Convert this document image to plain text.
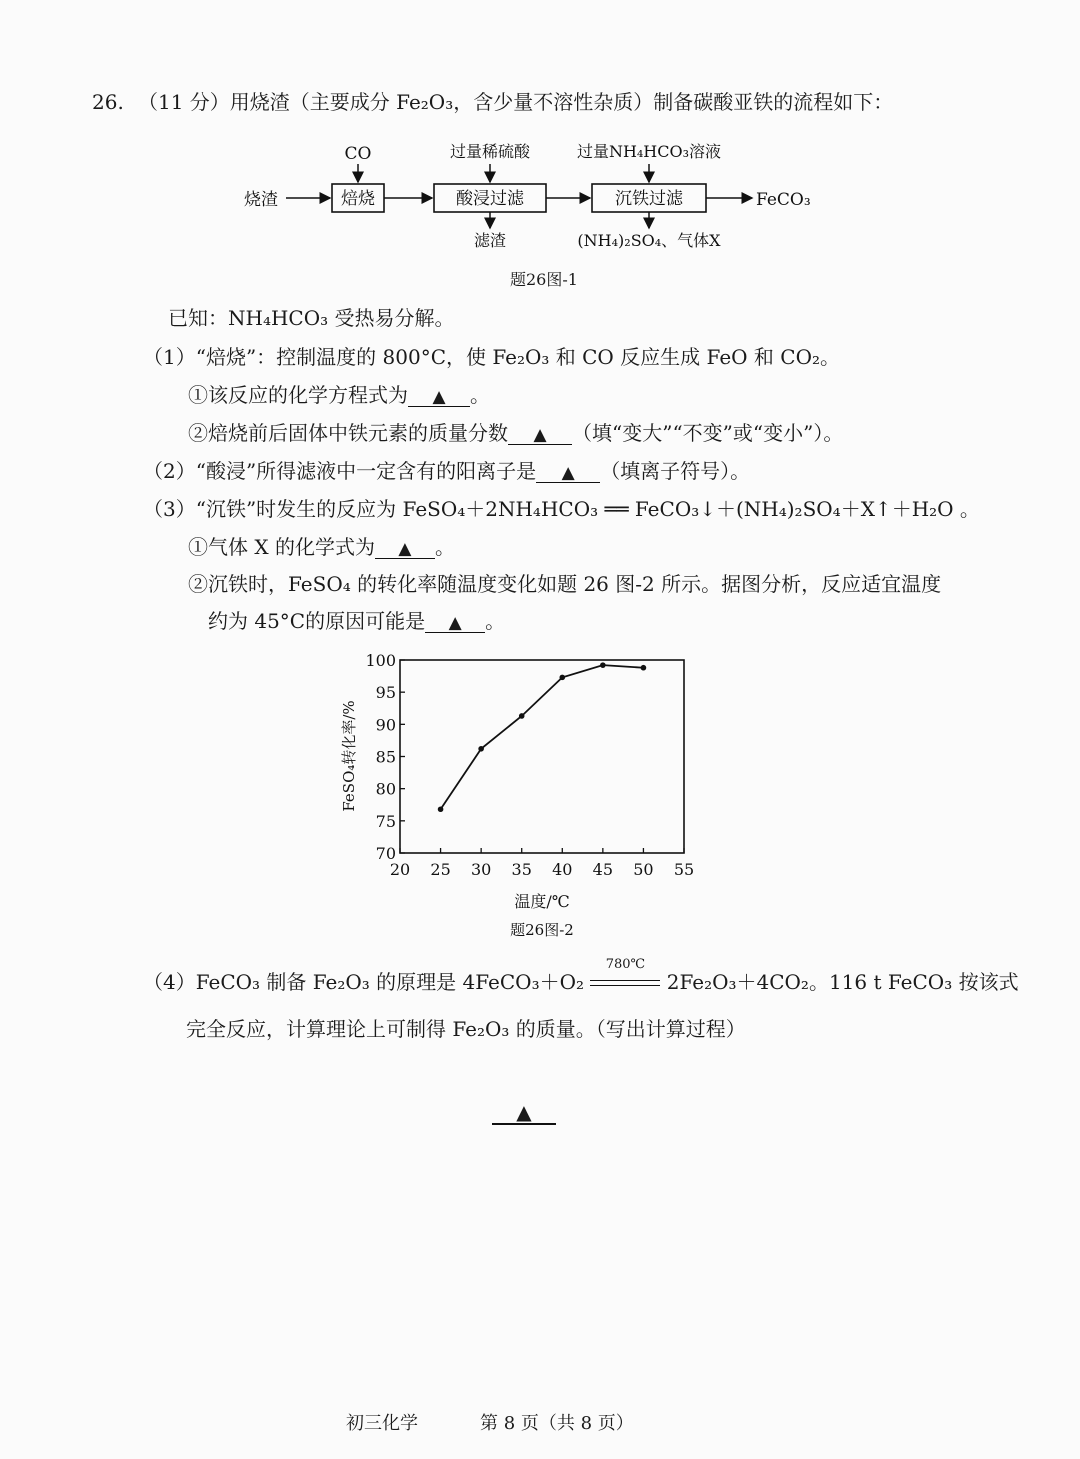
26. （11 分）用烧渣（主要成分 Fe₂O₃，含少量不溶性杂质）制备碳酸亚铁的流程如下：
烧渣	焙烧
CO
酸浸过滤
过量稀硫酸
滤渣
沉铁过滤
过量NH₄HCO₃溶液
(NH₄)₂SO₄、气体X
FeCO₃
题26图-1
已知：NH₄HCO₃ 受热易分解。
（1）“焙烧”：控制温度的 800°C，使 Fe₂O₃ 和 CO 反应生成 FeO 和 CO₂。
①该反应的化学方程式为 ▲ 。
②焙烧前后固体中铁元素的质量分数 ▲ （填“变大”“不变”或“变小”）。
（2）“酸浸”所得滤液中一定含有的阳离子是 ▲ （填离子符号）。
（3）“沉铁”时发生的反应为 FeSO₄＋2NH₄HCO₃ ══ FeCO₃↓＋(NH₄)₂SO₄＋X↑＋H₂O 。
①气体 X 的化学式为 ▲ 。
②沉铁时，FeSO₄ 的转化率随温度变化如题 26 图-2 所示。据图分析，反应适宜温度
约为 45°C的原因可能是 ▲ 。
20 25 30 35 40 45 50 55
70
75
80
85
90
95
100
FeSO₄转化率/%
温度/℃
题26图-2
（4）FeCO₃ 制备 Fe₂O₃ 的原理是 4FeCO₃＋O₂
780℃
2Fe₂O₃＋4CO₂。116 t FeCO₃ 按该式
完全反应，计算理论上可制得 Fe₂O₃ 的质量。（写出计算过程）
▲
初三化学	第 8 页（共 8 页）
